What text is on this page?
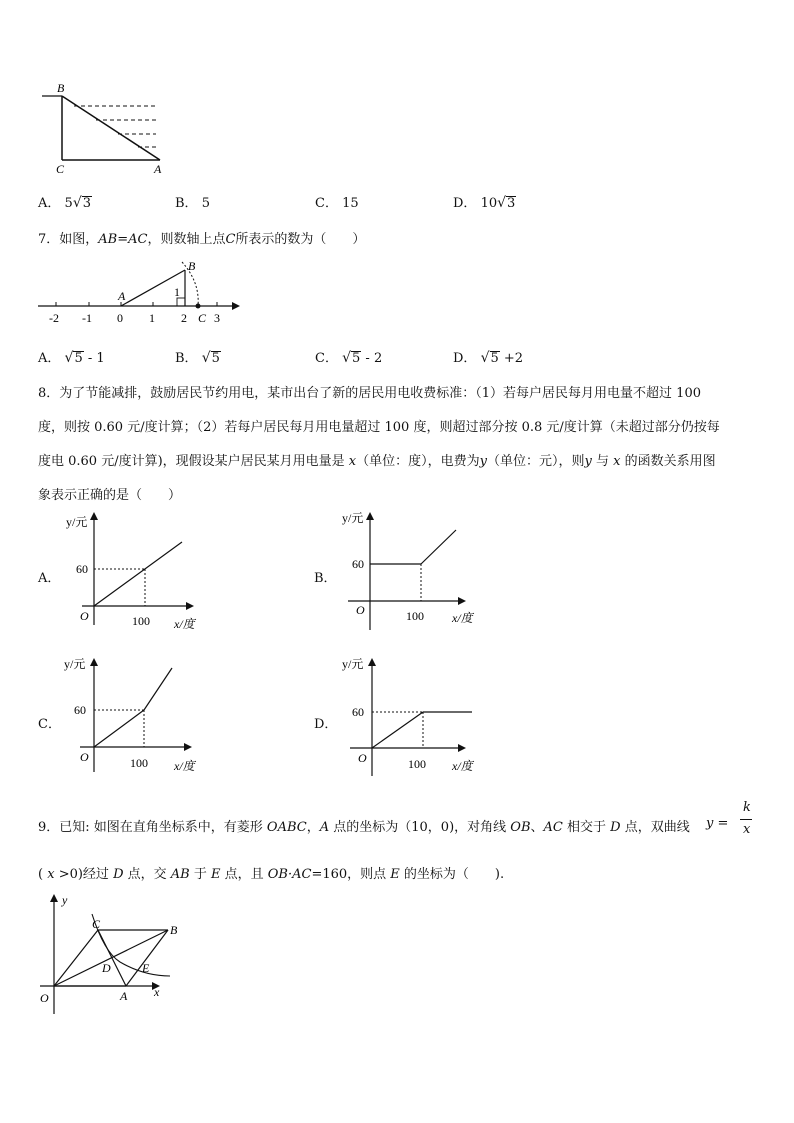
B
C	A
A． 5√3	B． 5	C． 15	D． 10√3
7．如图，AB=AC，则数轴上点C所表示的数为（　　）
A
B
1
-2 -1 0 1 2 C 3
A． √5 - 1	B． √5	C． √5 - 2	D． √5 +2
8．为了节能减排，鼓励居民节约用电，某市出台了新的居民用电收费标准：（1）若每户居民每月用电量不超过 100
度，则按 0.60 元/度计算；（2）若每户居民每月用电量超过 100 度，则超过部分按 0.8 元/度计算（未超过部分仍按每
度电 0.60 元/度计算)，现假设某户居民某月用电量是 x（单位：度），电费为y（单位：元），则y 与 x 的函数关系用图
象表示正确的是（　　）
A．
y/元
60
O	100 x/度
B．
y/元
60
O	100 x/度
C．
y/元
60
O	100 x/度
D．
y/元
60
O	100 x/度
9．已知: 如图在直角坐标系中，有菱形 OABC，A 点的坐标为（10，0)，对角线 OB、AC 相交于 D 点，双曲线 y =
k
x
( x >0)经过 D 点，交 AB 于 E 点，且 OB·AC=160，则点 E 的坐标为（　　).
y
x
O	A
B
C
D	E
